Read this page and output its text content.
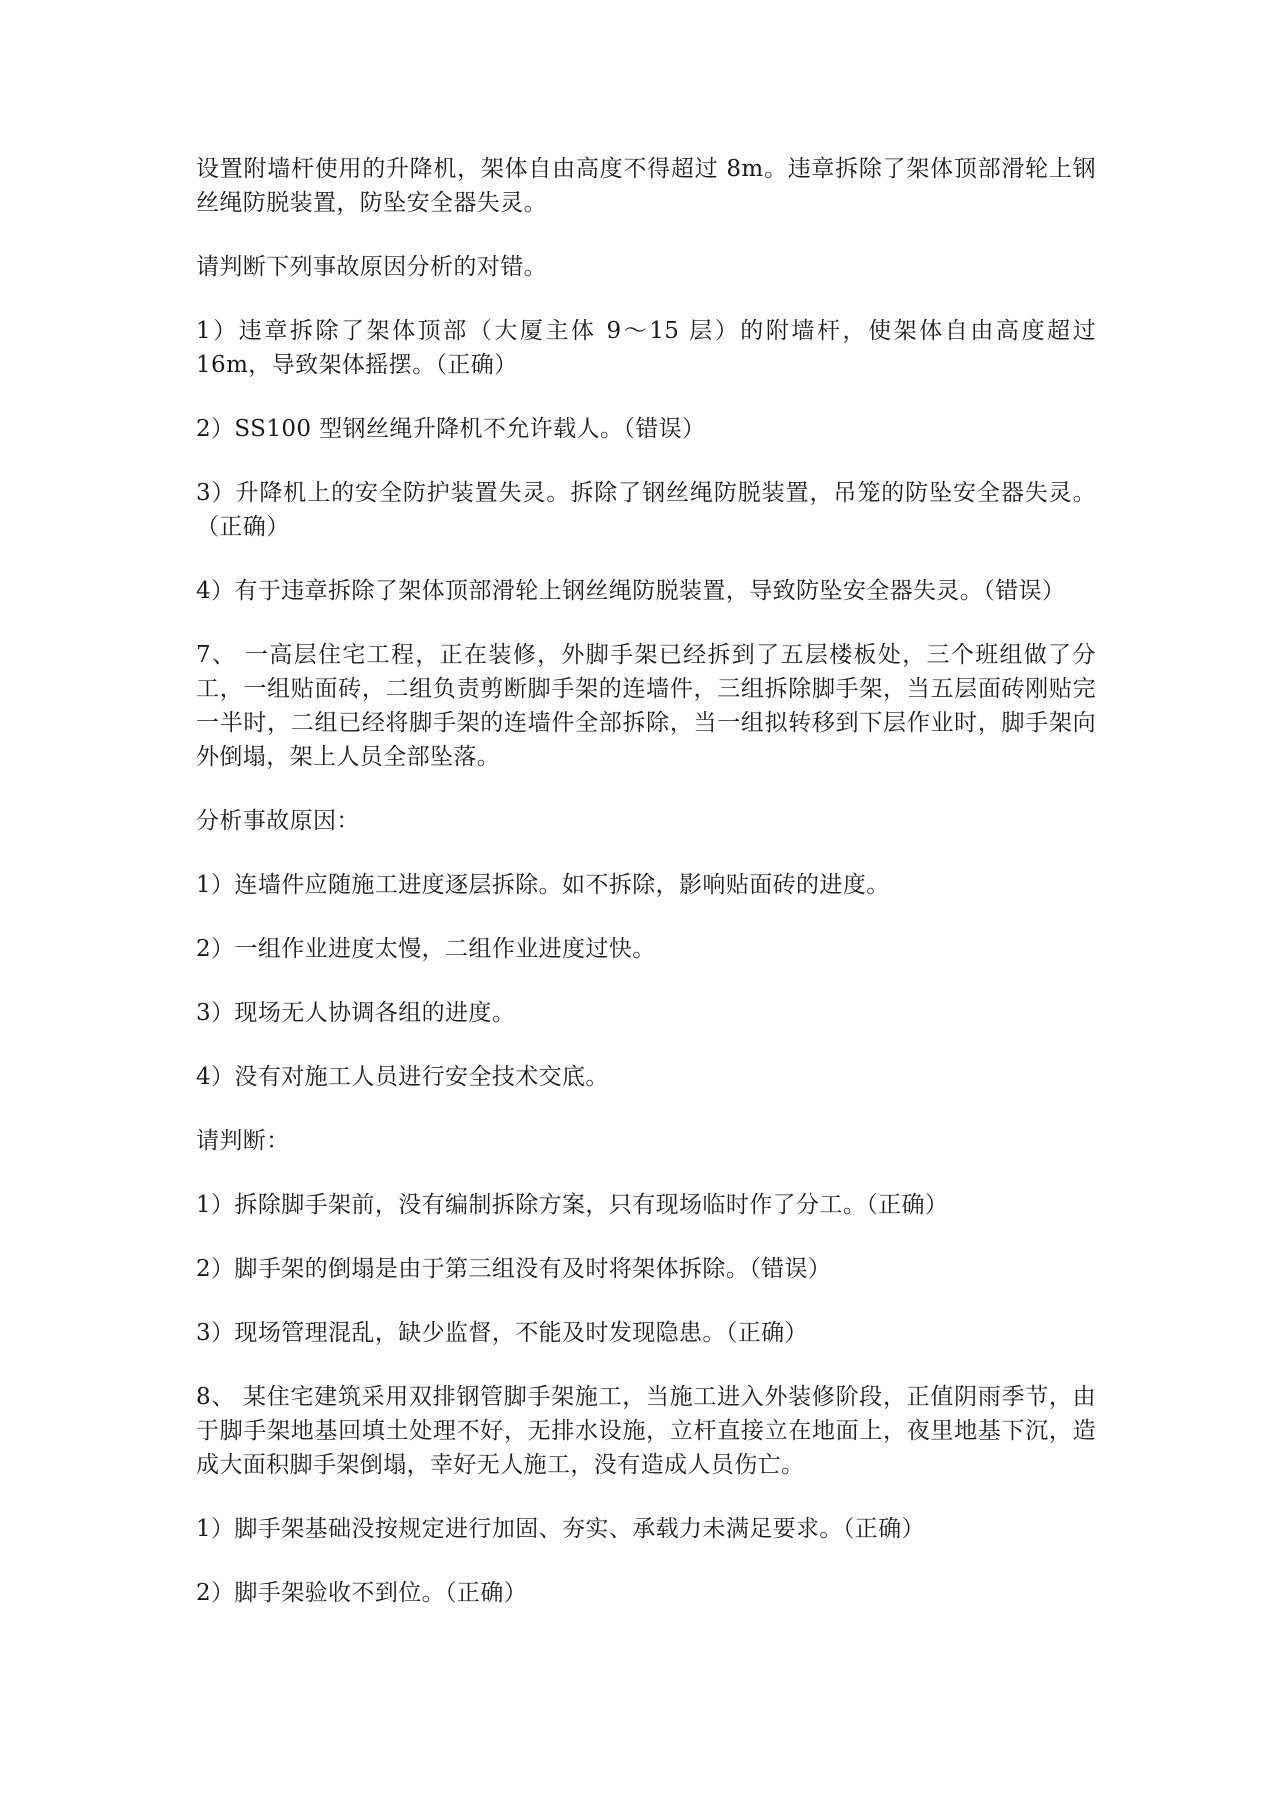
设置附墙杆使用的升降机，架体自由高度不得超过 8m。违章拆除了架体顶部滑轮上钢丝绳防脱装置，防坠安全器失灵。

请判断下列事故原因分析的对错。

1）违章拆除了架体顶部（大厦主体 9～15 层）的附墙杆，使架体自由高度超过 16m，导致架体摇摆。（正确）

2）SS100 型钢丝绳升降机不允许载人。（错误）

3）升降机上的安全防护装置失灵。拆除了钢丝绳防脱装置，吊笼的防坠安全器失灵。（正确）

4）有于违章拆除了架体顶部滑轮上钢丝绳防脱装置，导致防坠安全器失灵。（错误）

7、 一高层住宅工程，正在装修，外脚手架已经拆到了五层楼板处，三个班组做了分工，一组贴面砖，二组负责剪断脚手架的连墙件，三组拆除脚手架，当五层面砖刚贴完一半时，二组已经将脚手架的连墙件全部拆除，当一组拟转移到下层作业时，脚手架向外倒塌，架上人员全部坠落。

分析事故原因：

1）连墙件应随施工进度逐层拆除。如不拆除，影响贴面砖的进度。

2）一组作业进度太慢，二组作业进度过快。

3）现场无人协调各组的进度。

4）没有对施工人员进行安全技术交底。

请判断：

1）拆除脚手架前，没有编制拆除方案，只有现场临时作了分工。（正确）

2）脚手架的倒塌是由于第三组没有及时将架体拆除。（错误）

3）现场管理混乱，缺少监督，不能及时发现隐患。（正确）

8、 某住宅建筑采用双排钢管脚手架施工，当施工进入外装修阶段，正值阴雨季节，由于脚手架地基回填土处理不好，无排水设施，立杆直接立在地面上，夜里地基下沉，造成大面积脚手架倒塌，幸好无人施工，没有造成人员伤亡。

1）脚手架基础没按规定进行加固、夯实、承载力未满足要求。（正确）

2）脚手架验收不到位。（正确）
